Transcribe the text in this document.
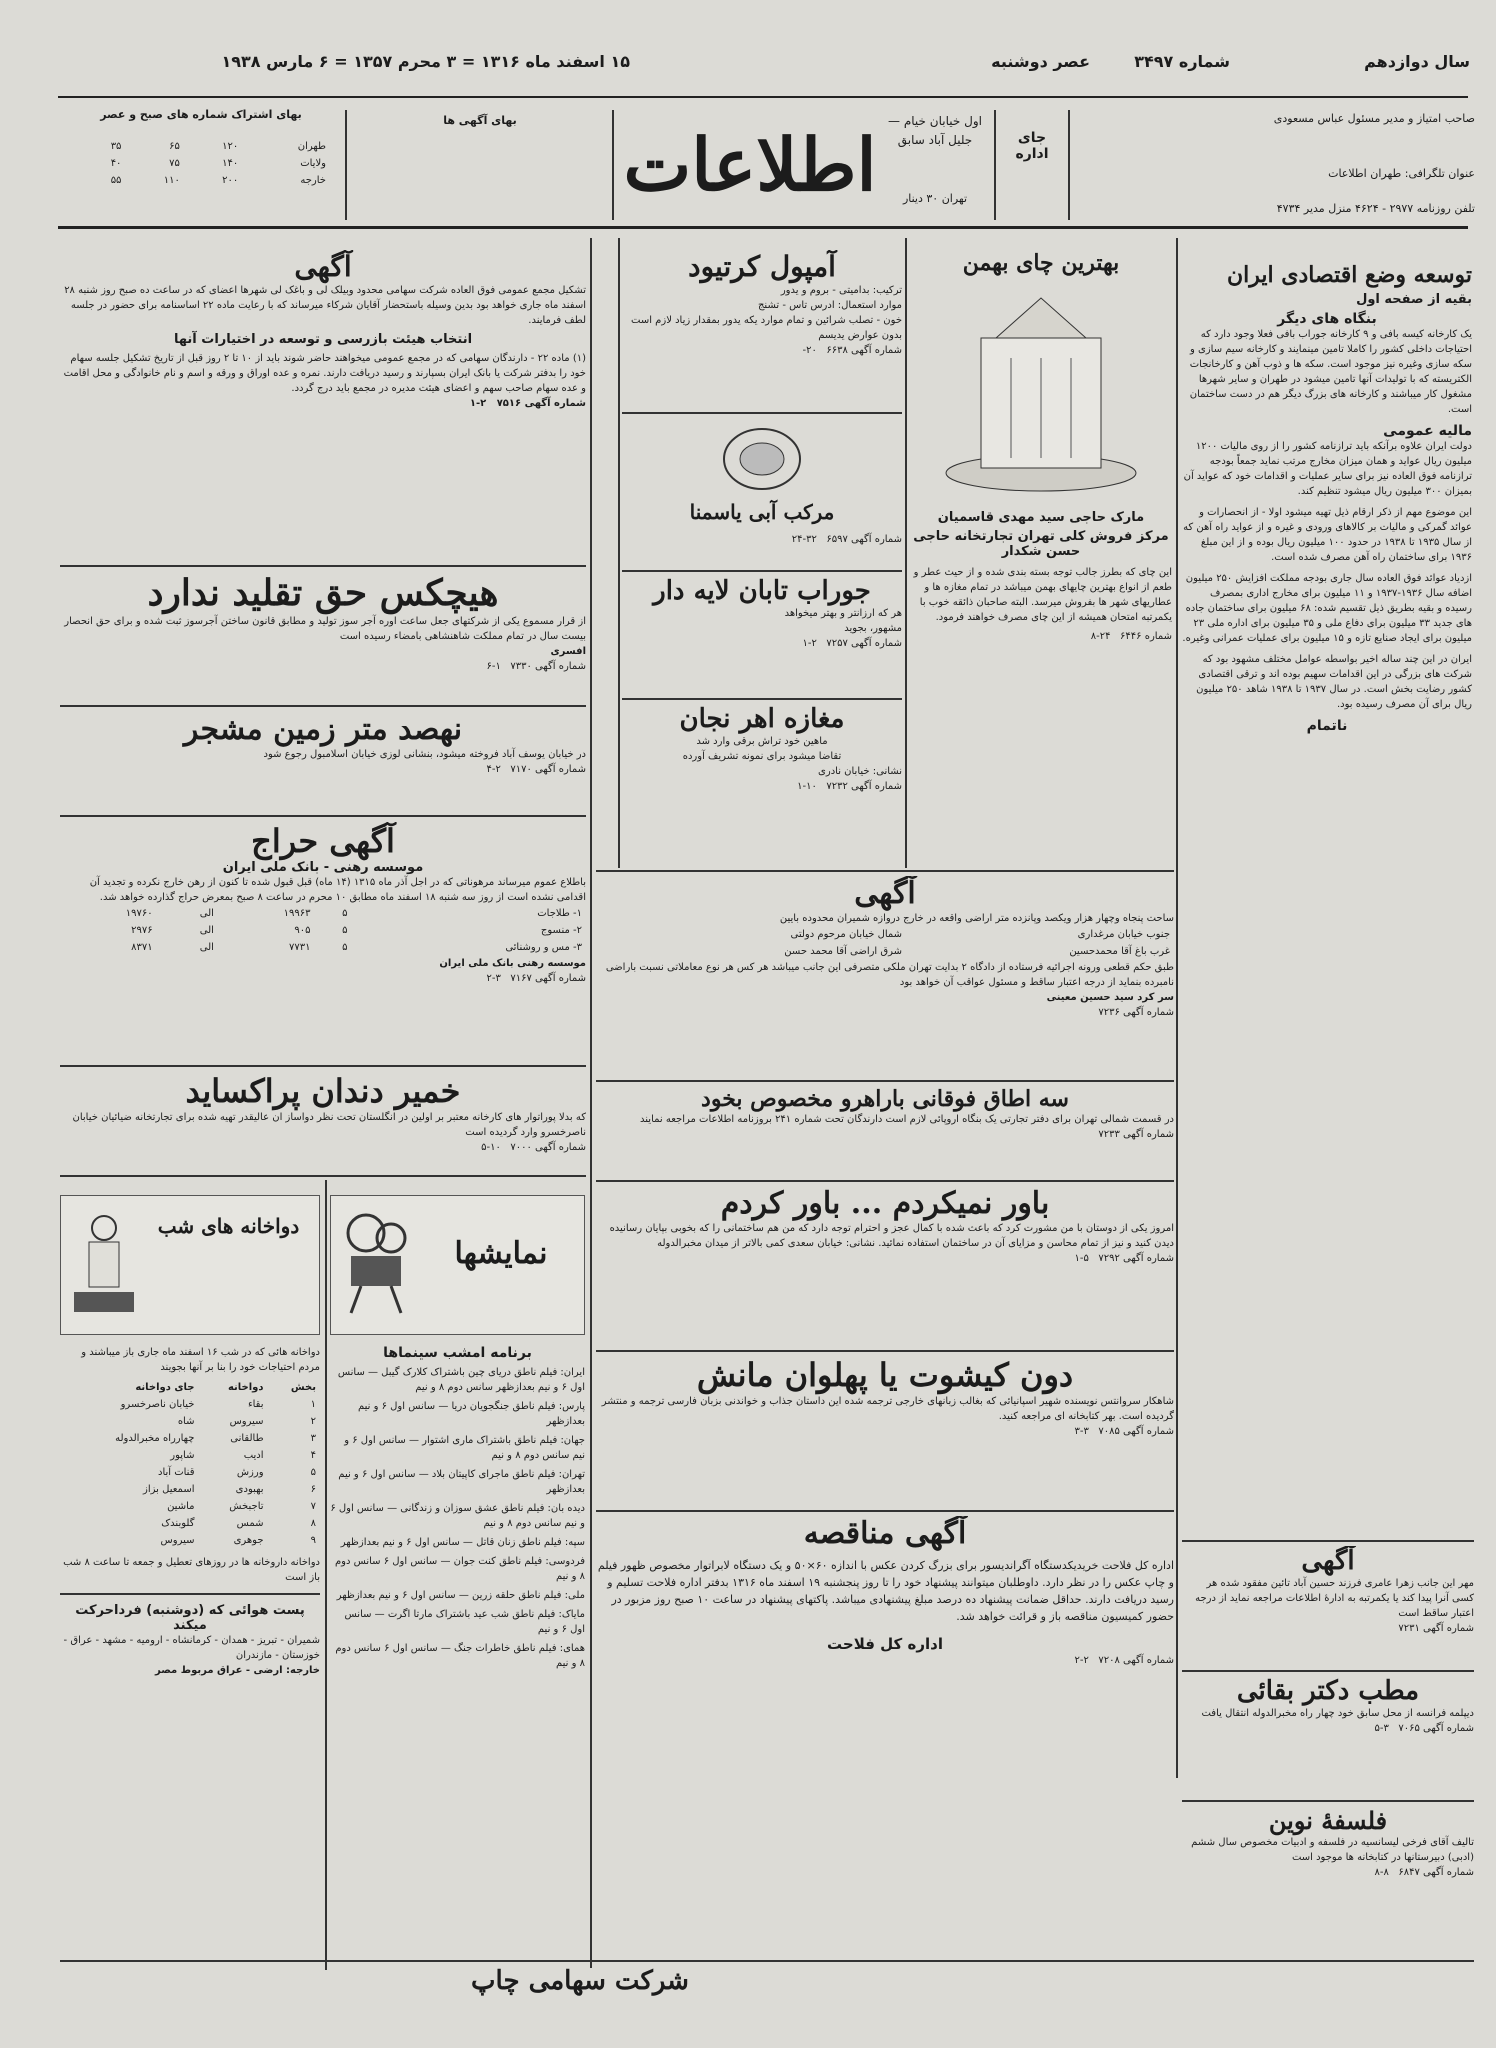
۱۵ اسفند ماه ۱۳۱۶ = ۳ محرم ۱۳۵۷ = ۶ مارس ۱۹۳۸	سال دوازدهم
شماره ۳۴۹۷
عصر دوشنبه
صاحب امتیاز و مدیر مسئول عباس مسعودی
عنوان تلگرافی: طهران اطلاعات
تلفن روزنامه ۲۹۷۷ - ۴۶۲۴ منزل مدیر ۴۷۳۴
جای اداره
اول خیابان خیام — جلیل آباد سابق
تهران ۳۰ دینار
اطلاعات
بهای آگهی ها
بهای اشتراک شماره های صبح و عصر
طهران	۱۲۰	۶۵	۳۵
ولایات	۱۴۰	۷۵	۴۰
خارجه	۲۰۰	۱۱۰	۵۵
توسعه وضع اقتصادی ایران
بقیه از صفحه اول
بنگاه های دیگر
یک کارخانه کیسه بافی و ۹ کارخانه جوراب بافی فعلا وجود دارد که احتیاجات داخلی کشور را کاملا تامین مینمایند و کارخانه سیم سازی و سکه سازی وغیره نیز موجود است. سکه ها و ذوب آهن و کارخانجات الکتریسته که با تولیدات آنها تامین میشود در طهران و سایر شهرها مشغول کار میباشند و کارخانه های بزرگ دیگر هم در دست ساختمان است.
مالیه عمومی
دولت ایران علاوه برآنکه باید ترازنامه کشور را از روی مالیات ۱۲۰۰ میلیون ریال عواید و همان میزان مخارج مرتب نماید جمعاً بودجه ترازنامه فوق العاده نیز برای سایر عملیات و اقدامات خود که عواید آن بمیزان ۳۰۰ میلیون ریال میشود تنظیم کند.
این موضوع مهم از ذکر ارقام ذیل تهیه میشود اولا - از انحصارات و عوائد گمرکی و مالیات بر کالاهای ورودی و غیره و از عواید راه آهن که از سال ۱۹۳۵ تا ۱۹۳۸ در حدود ۱۰۰ میلیون ریال بوده و از این مبلغ ۱۹۳۶ برای ساختمان راه آهن مصرف شده است.
ازدیاد عوائد فوق العاده سال جاری بودجه مملکت افزایش ۲۵۰ میلیون اضافه سال ۱۹۳۶-۱۹۳۷ و ۱۱ میلیون برای مخارج اداری بمصرف رسیده و بقیه بطریق ذیل تقسیم شده: ۶۸ میلیون برای ساختمان جاده های جدید ۳۳ میلیون برای دفاع ملی و ۳۵ میلیون برای اداره ملی ۲۳ میلیون برای ایجاد صنایع تازه و ۱۵ میلیون برای عملیات عمرانی وغیره.
ایران در این چند ساله اخیر بواسطه عوامل مختلف مشهود بود که شرکت های بزرگی در این اقدامات سهیم بوده اند و ترقی اقتصادی کشور رضایت بخش است. در سال ۱۹۳۷ تا ۱۹۳۸ شاهد ۲۵۰ میلیون ریال برای آن مصرف رسیده بود.
ناتمام
بهترین چای بهمن
مارک حاجی سید مهدی قاسمیان
مرکز فروش کلی تهران تجارتخانه حاجی حسن شکدار
این چای که بطرز جالب توجه بسته بندی شده و از حیث عطر و طعم از انواع بهترین چایهای بهمن میباشد در تمام مغازه ها و عطاریهای شهر ها بفروش میرسد. البته صاحبان ذائقه خوب با یکمرتبه امتحان همیشه از این چای مصرف خواهند فرمود.
شماره ۶۴۴۶   ۲۴-۸
آمپول کرتیود
ترکیب: بدامیتی - بروم و یدور
موارد استعمال: ادرس تاس - تشنج
خون - تصلب شرائین و تمام موارد یکه یدور بمقدار زیاد لازم است بدون عوارض یدیسم
شماره آگهی ۶۶۳۸   ۲۰-
مرکب آبی یاسمنا
شماره آگهی ۶۵۹۷   ۳۲-۲۴
جوراب تابان لایه دار
هر که ارزانتر و بهتر میخواهد
مشهور، بجوید
شماره آگهی ۷۲۵۷   ۲-۱
مغازه اهر نجان
ماهین خود تراش برقی وارد شد
تقاضا میشود برای نمونه تشریف آورده
نشانی: خیابان نادری
شماره آگهی ۷۲۳۲   ۱۰-۱
آگهی
تشکیل مجمع عمومی فوق العاده شرکت سهامی محدود وبیلک لی و باغک لی شهرها اعضای که در ساعت ده صبح روز شنبه ۲۸ اسفند ماه جاری خواهد بود بدین وسیله باستحضار آقایان شرکاء میرساند که با رعایت ماده ۲۲ اساسنامه برای حضور در جلسه لطف فرمایند.
انتخاب هیئت بازرسی و توسعه در اختیارات آنها
(۱) ماده ۲۲ - دارندگان سهامی که در مجمع عمومی میخواهند حاضر شوند باید از ۱۰ تا ۲ روز قبل از تاریخ تشکیل جلسه سهام خود را بدفتر شرکت یا بانک ایران بسپارند و رسید دریافت دارند. نمره و عده اوراق و ورقه و اسم و نام خانوادگی و محل اقامت و عده سهام صاحب سهم و اعضای هیئت مدیره در مجمع باید درج گردد.
شماره آگهی ۷۵۱۶   ۲-۱
هیچکس حق تقلید ندارد
از قرار مسموع یکی از شرکتهای جعل ساعت اوره آجر سوز تولید و مطابق قانون ساختن آجرسوز ثبت شده و برای حق انحصار بیست سال در تمام مملکت شاهنشاهی بامضاء رسیده است
افسری
شماره آگهی ۷۳۳۰   ۱-۶
نهصد متر زمین مشجر
در خیابان یوسف آباد فروخته میشود، بنشانی لوزی خیابان اسلامبول رجوع شود
شماره آگهی ۷۱۷۰   ۲-۴
آگهی حراج
موسسه رهنی - بانک ملی ایران
باطلاع عموم میرساند مرهوناتی که در اجل آذر ماه ۱۳۱۵ (۱۴ ماه) قبل قبول شده تا کنون از رهن خارج نکرده و تجدید آن اقدامی نشده است از روز سه شنبه ۱۸ اسفند ماه مطابق ۱۰ محرم در ساعت ۸ صبح بمعرض حراج گذارده خواهد شد.
۱- طلاجات	۵	۱۹۹۶۳	الی	۱۹۷۶۰
۲- منسوج	۵	۹۰۵	الی	۲۹۷۶
۳- مس و روشنائی	۵	۷۷۳۱	الی	۸۳۷۱
موسسه رهنی بانک ملی ایران
شماره آگهی ۷۱۶۷   ۳-۲
خمیر دندان پراکساید
که بدلا پوراتوار های کارخانه معتبر بر اولین در انگلستان تحت نظر دواساز ان عالیقدر تهیه شده برای تجارتخانه ضیائیان خیابان ناصرخسرو وارد گردیده است
شماره آگهی ۷۰۰۰   ۱۰-۵
نمایشها
برنامه امشب سینماها
ایران: فیلم ناطق دریای چین باشتراک کلارک گیبل — سانس اول ۶ و نیم بعدازظهر سانس دوم ۸ و نیم
پارس: فیلم ناطق جنگجویان دریا — سانس اول ۶ و نیم بعدازظهر
جهان: فیلم ناطق باشتراک ماری اشتوار — سانس اول ۶ و نیم سانس دوم ۸ و نیم
تهران: فیلم ناطق ماجرای کاپیتان بلاد — سانس اول ۶ و نیم بعدازظهر
دیده بان: فیلم ناطق عشق سوزان و زندگانی — سانس اول ۶ و نیم سانس دوم ۸ و نیم
سپه: فیلم ناطق زنان قاتل — سانس اول ۶ و نیم بعدازظهر
فردوسی: فیلم ناطق کنت جوان — سانس اول ۶ سانس دوم ۸ و نیم
ملی: فیلم ناطق حلقه زرین — سانس اول ۶ و نیم بعدازظهر
مایاک: فیلم ناطق شب عید باشتراک مارتا اگرت — سانس اول ۶ و نیم
همای: فیلم ناطق خاطرات جنگ — سانس اول ۶ سانس دوم ۸ و نیم
دواخانه های شب
دواخانه هائی که در شب ۱۶ اسفند ماه جاری باز میباشند و مردم احتیاجات خود را بنا بر آنها بجویند
بخش	دواخانه	جای دواخانه
۱	بقاء	خیابان ناصرخسرو
۲	سیروس	شاه
۳	طالقانی	چهارراه مخبرالدوله
۴	ادیب	شاپور
۵	ورزش	قنات آباد
۶	بهبودی	اسمعیل بزاز
۷	تاجبخش	ماشین
۸	شمس	گلوبندک
۹	جوهری	سیروس
دواخانه داروخانه ها در روزهای تعطیل و جمعه تا ساعت ۸ شب باز است
پست هوائی که (دوشنبه) فرداحرکت میکند
شمیران - تبریز - همدان - کرمانشاه - ارومیه - مشهد - عراق - خوزستان - مازندران
خارجه: ارضی - عراق مربوط مصر
آگهی
ساحت پنجاه وچهار هزار ویکصد وپانزده متر اراضی واقعه در خارج دروازه شمیران محدوده بایین
جنوب خیابان مرغداری	شمال خیابان مرحوم دولتی
غرب باغ آقا محمدحسین	شرق اراضی آقا محمد حسن
طبق حکم قطعی ورونه اجرائیه فرستاده از دادگاه ۲ بدایت تهران ملکی متصرفی این جانب میباشد هر کس هر نوع معاملاتی نسبت باراضی نامبرده بنماید از درجه اعتبار ساقط و مسئول عواقب آن خواهد بود
سر کرد سید حسین معینی
شماره آگهی ۷۲۳۶
سه اطاق فوقانی باراهرو مخصوص بخود
در قسمت شمالی تهران برای دفتر تجارتی یک بنگاه اروپائی لازم است دارندگان تحت شماره ۲۴۱ بروزنامه اطلاعات مراجعه نمایند
شماره آگهی ۷۲۳۳
باور نمیکردم ... باور کردم
امروز یکی از دوستان با من مشورت کرد که باعث شده با کمال عجز و احترام توجه دارد که من هم ساختمانی را که بخوبی بپایان رسانیده دیدن کنید و نیز از تمام محاسن و مزایای آن در ساختمان استفاده نمائید. نشانی: خیابان سعدی کمی بالاتر از میدان مخبرالدوله
شماره آگهی ۷۲۹۲   ۵-۱
دون کیشوت یا پهلوان مانش
شاهکار سروانتس نویسنده شهیر اسپانیائی که بغالب زبانهای خارجی ترجمه شده این داستان جذاب و خواندنی بزبان فارسی ترجمه و منتشر گردیده است. بهر کتابخانه ای مراجعه کنید.
شماره آگهی ۷۰۸۵   ۳-۳
آگهی مناقصه
اداره کل فلاحت خریدیکدستگاه آگراندیسور برای بزرگ کردن عکس با اندازه ۶۰×۵۰ و یک دستگاه لابراتوار مخصوص ظهور فیلم و چاپ عکس را در نظر دارد. داوطلبان میتوانند پیشنهاد خود را تا روز پنجشنبه ۱۹ اسفند ماه ۱۳۱۶ بدفتر اداره فلاحت تسلیم و رسید دریافت دارند. حداقل ضمانت پیشنهاد ده درصد مبلغ پیشنهادی میباشد. پاکتهای پیشنهاد در ساعت ۱۰ صبح روز مزبور در حضور کمیسیون مناقصه باز و قرائت خواهد شد.
اداره کل فلاحت
شماره آگهی ۷۲۰۸   ۲-۲
آگهی
مهر این جانب زهرا عامری فرزند حسین آباد تائین مفقود شده هر کسی آنرا پیدا کند یا یکمرتبه به ادارهٔ اطلاعات مراجعه نماید از درجه اعتبار ساقط است
شماره آگهی ۷۲۳۱
مطب دکتر بقائی
دیپلمه فرانسه از محل سابق خود چهار راه مخبرالدوله انتقال یافت
شماره آگهی ۷۰۶۵   ۳-۵
فلسفهٔ نوین
تالیف آقای فرخی لیسانسیه در فلسفه و ادبیات مخصوص سال ششم (ادبی) دبیرستانها در کتابخانه ها موجود است
شماره آگهی ۶۸۴۷   ۸-۸
شرکت سهامی چاپ
